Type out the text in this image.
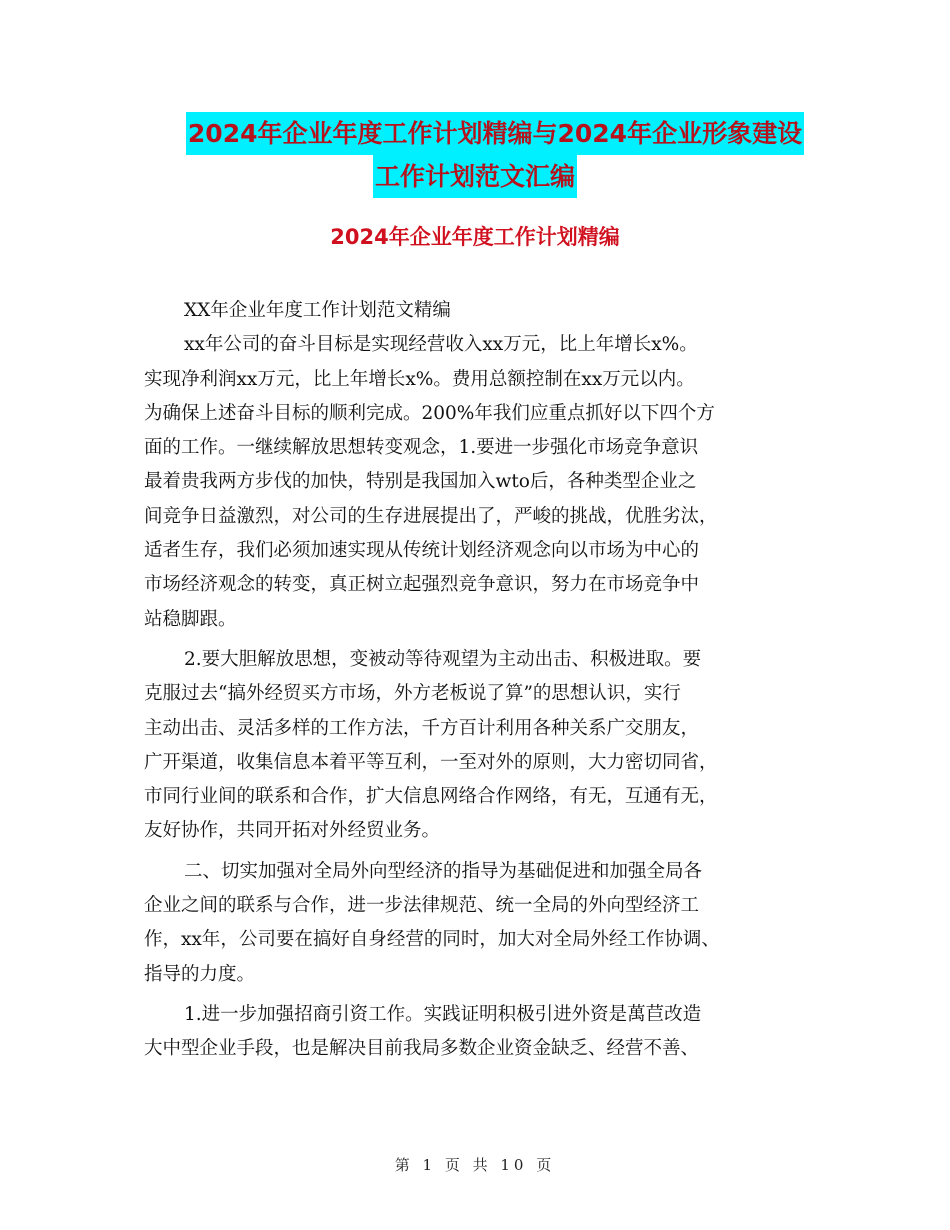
2024年企业年度工作计划精编与2024年企业形象建设
工作计划范文汇编
2024年企业年度工作计划精编
XX年企业年度工作计划范文精编
xx年公司的奋斗目标是实现经营收入xx万元，比上年增长x%。
实现净利润xx万元，比上年增长x%。费用总额控制在xx万元以内。
为确保上述奋斗目标的顺利完成。200%年我们应重点抓好以下四个方
面的工作。一继续解放思想转变观念，1.要进一步强化市场竞争意识
最着贵我两方步伐的加快，特别是我国加入wto后，各种类型企业之
间竞争日益激烈，对公司的生存进展提出了，严峻的挑战，优胜劣汰，
适者生存，我们必须加速实现从传统计划经济观念向以市场为中心的
市场经济观念的转变，真正树立起强烈竞争意识，努力在市场竞争中
站稳脚跟。
2.要大胆解放思想，变被动等待观望为主动出击、积极进取。要
克服过去“搞外经贸买方市场，外方老板说了算”的思想认识，实行
主动出击、灵活多样的工作方法，千方百计利用各种关系广交朋友，
广开渠道，收集信息本着平等互利，一至对外的原则，大力密切同省，
市同行业间的联系和合作，扩大信息网络合作网络，有无，互通有无，
友好协作，共同开拓对外经贸业务。
二、切实加强对全局外向型经济的指导为基础促进和加强全局各
企业之间的联系与合作，进一步法律规范、统一全局的外向型经济工
作，xx年，公司要在搞好自身经营的同时，加大对全局外经工作协调、
指导的力度。
1.进一步加强招商引资工作。实践证明积极引进外资是萬苣改造
大中型企业手段，也是解决目前我局多数企业资金缺乏、经营不善、
第 1 页 共 10 页
